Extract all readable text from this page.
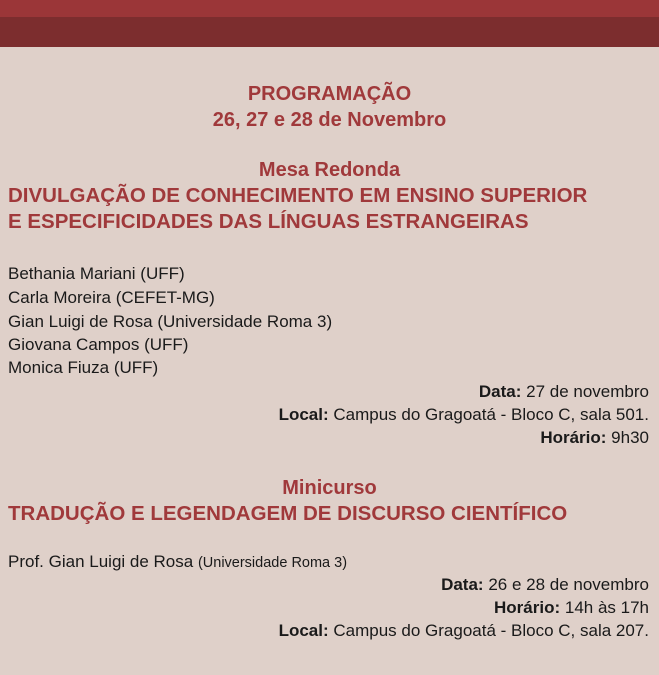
PROGRAMAÇÃO
26, 27 e 28 de Novembro
Mesa Redonda
DIVULGAÇÃO DE CONHECIMENTO EM ENSINO SUPERIOR
E ESPECIFICIDADES DAS LÍNGUAS ESTRANGEIRAS
Bethania Mariani (UFF)
Carla Moreira (CEFET-MG)
Gian Luigi de Rosa (Universidade Roma 3)
Giovana Campos (UFF)
Monica Fiuza (UFF)
Data: 27 de novembro
Local: Campus do Gragoatá - Bloco C, sala 501.
Horário: 9h30
Minicurso
TRADUÇÃO E LEGENDAGEM DE DISCURSO CIENTÍFICO
Prof. Gian Luigi de Rosa (Universidade Roma 3)
Data: 26 e 28 de novembro
Horário: 14h às 17h
Local: Campus do Gragoatá - Bloco C, sala 207.
